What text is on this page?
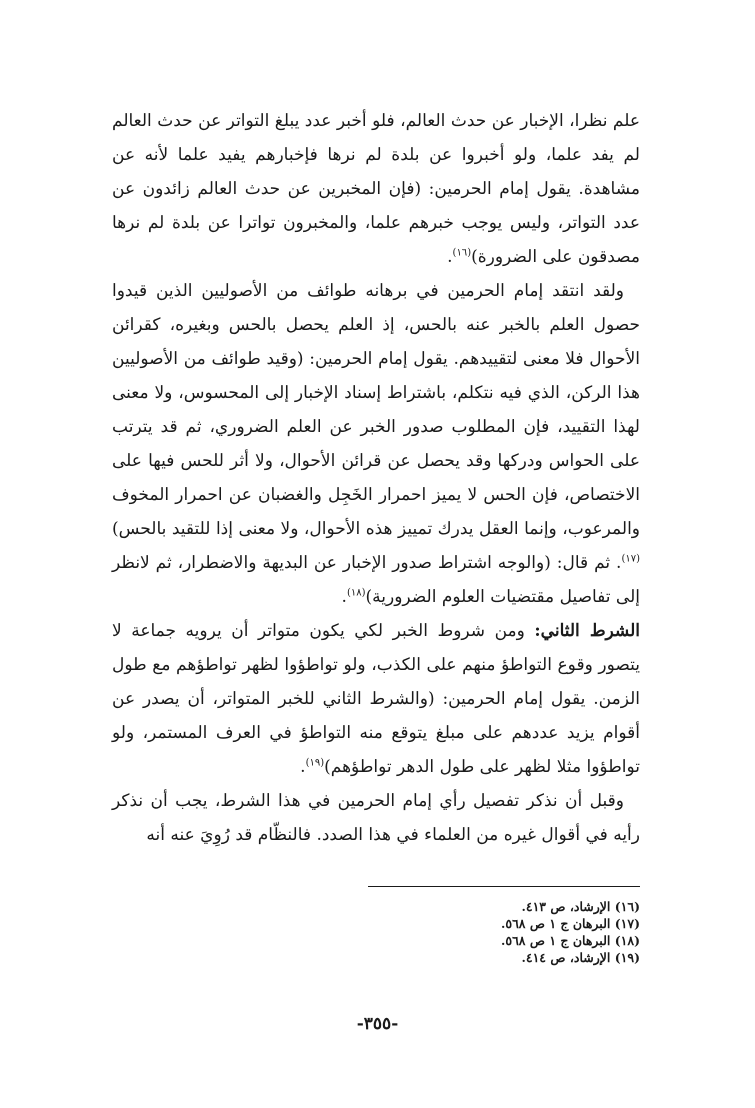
علم نظرا، الإخبار عن حدث العالم، فلو أخبر عدد يبلغ التواتر عن حدث العالم لم يفد علما، ولو أخبروا عن بلدة لم نرها فإخبارهم يفيد علما لأنه عن مشاهدة. يقول إمام الحرمين: (فإن المخبرين عن حدث العالم زائدون عن عدد التواتر، وليس يوجب خبرهم علما، والمخبرون تواترا عن بلدة لم نرها مصدقون على الضرورة)$^{(١٦)}$.

ولقد انتقد إمام الحرمين في برهانه طوائف من الأصوليين الذين قيدوا حصول العلم بالخبر عنه بالحس، إذ العلم يحصل بالحس وبغيره، كقرائن الأحوال فلا معنى لتقييدهم. يقول إمام الحرمين: (وقيد طوائف من الأصوليين هذا الركن، الذي فيه نتكلم، باشتراط إسناد الإخبار إلى المحسوس، ولا معنى لهذا التقييد، فإن المطلوب صدور الخبر عن العلم الضروري، ثم قد يترتب على الحواس ودركها وقد يحصل عن قرائن الأحوال، ولا أثر للحس فيها على الاختصاص، فإن الحس لا يميز احمرار الخَجِل والغضبان عن احمرار المخوف والمرعوب، وإنما العقل يدرك تمييز هذه الأحوال، ولا معنى إذا للتقيد بالحس)$^{(١٧)}$. ثم قال: (والوجه اشتراط صدور الإخبار عن البديهة والاضطرار، ثم لانظر إلى تفاصيل مقتضيات العلوم الضرورية)$^{(١٨)}$.

الشرط الثاني: ومن شروط الخبر لكي يكون متواتر أن يرويه جماعة لا يتصور وقوع التواطؤ منهم على الكذب، ولو تواطؤوا لظهر تواطؤهم مع طول الزمن. يقول إمام الحرمين: (والشرط الثاني للخبر المتواتر، أن يصدر عن أقوام يزيد عددهم على مبلغ يتوقع منه التواطؤ في العرف المستمر، ولو تواطؤوا مثلا لظهر على طول الدهر تواطؤهم)$^{(١٩)}$.

وقبل أن نذكر تفصيل رأي إمام الحرمين في هذا الشرط، يجب أن نذكر رأيه في أقوال غيره من العلماء في هذا الصدد. فالنظّام قد رُوِيَ عنه أنه

(١٦) الإرشاد، ص ٤١٣.
(١٧) البرهان ج ١ ص ٥٦٨.
(١٨) البرهان ج ١ ص ٥٦٨.
(١٩) الإرشاد، ص ٤١٤.
-٣٥٥-
